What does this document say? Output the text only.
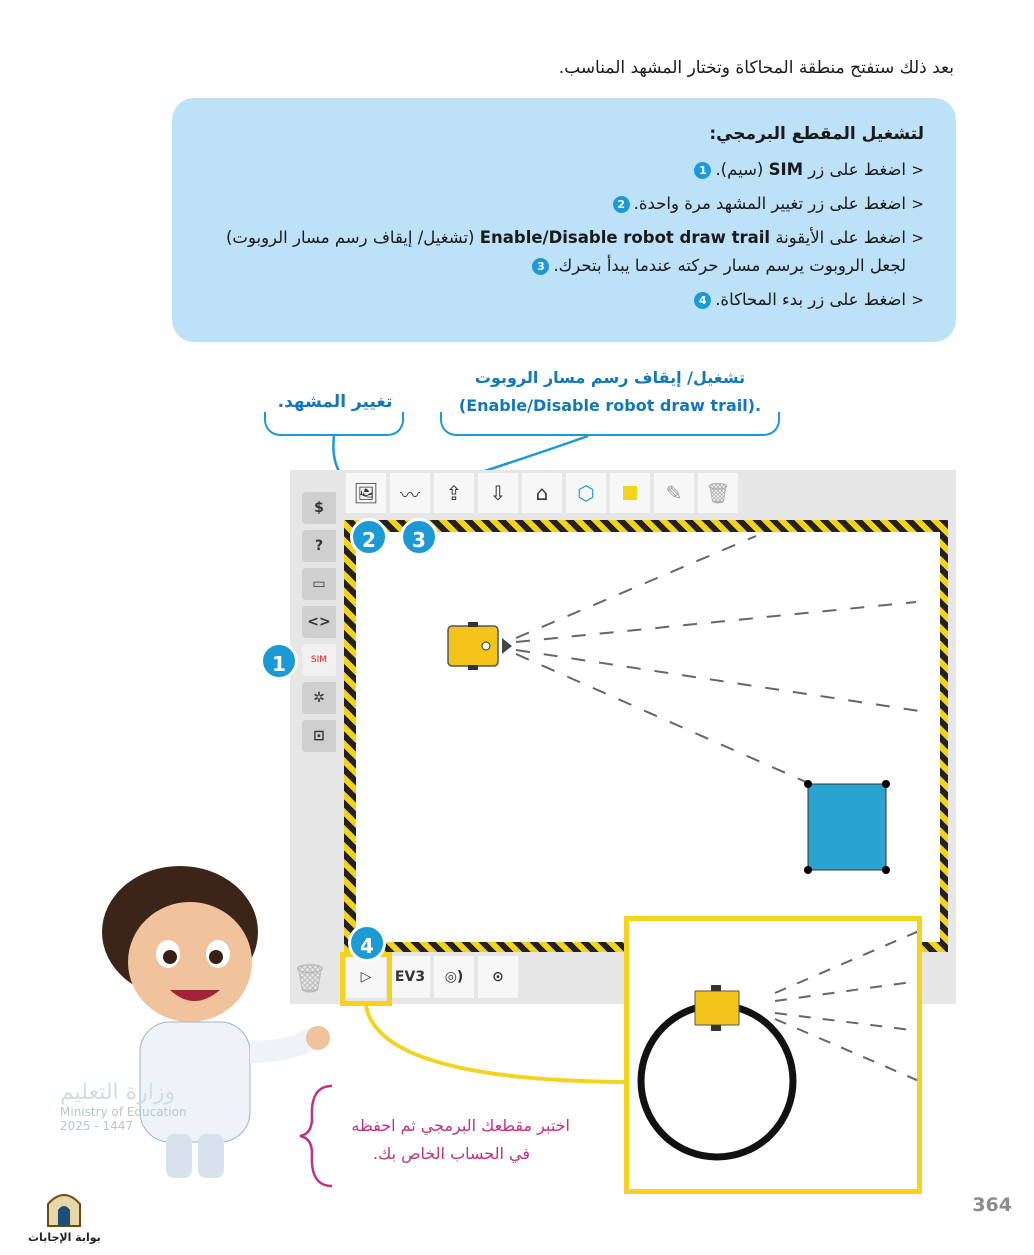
بعد ذلك ستفتح منطقة المحاكاة وتختار المشهد المناسب.

لتشغيل المقطع البرمجي:
< اضغط على زر SIM (سيم).1
< اضغط على زر تغيير المشهد مرة واحدة.2
< اضغط على الأيقونة Enable/Disable robot draw trail (تشغيل/ إيقاف رسم مسار الروبوت) لجعل الروبوت يرسم مسار حركته عندما يبدأ بتحرك.3
< اضغط على زر بدء المحاكاة.4
تغيير المشهد.
تشغيل/ إيقاف رسم مسار الروبوت
(Enable/Disable robot draw trail).
$
?
▭
<>
SIM
✲
⊡
🖼 〰 ⇪ ⇩ ⌂ ⬡	✎ 🗑
▷ EV3 ◎) ⊙
🗑
1
2	3
4
اختبر مقطعك البرمجي ثم احفظه
في الحساب الخاص بك.
وزارة التعليم
Ministry of Education
2025 - 1447
بوابة الإجابات
364
